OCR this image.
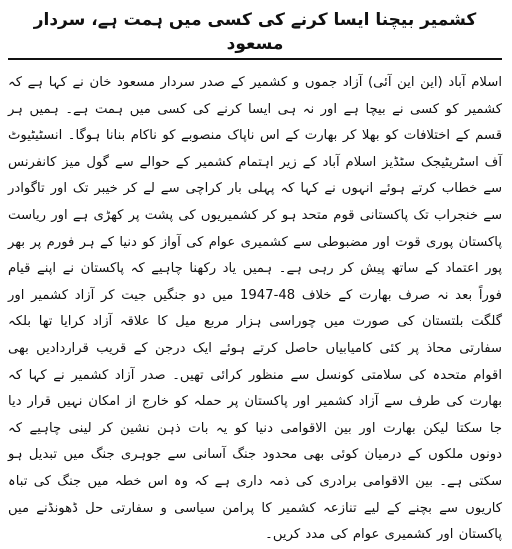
کشمیر بیچنا ایسا کرنے کی کسی میں ہمت ہے، سردار مسعود

اسلام آباد (این این آئی) آزاد جموں و کشمیر کے صدر سردار مسعود خان نے کہا ہے کہ کشمیر کو کسی نے بیچا ہے اور نہ ہی ایسا کرنے کی کسی میں ہمت ہے۔ ہمیں ہر قسم کے اختلافات کو بھلا کر بھارت کے اس ناپاک منصوبے کو ناکام بنانا ہوگا۔ انسٹیٹیوٹ آف اسٹریٹیجک سٹڈیز اسلام آباد کے زیر اہتمام کشمیر کے حوالے سے گول میز کانفرنس سے خطاب کرتے ہوئے انہوں نے کہا کہ پہلی بار کراچی سے لے کر خیبر تک اور تاگوادر سے خنجراب تک پاکستانی قوم متحد ہو کر کشمیریوں کی پشت پر کھڑی ہے اور ریاست پاکستان پوری قوت اور مضبوطی سے کشمیری عوام کی آواز کو دنیا کے ہر فورم پر بھر پور اعتماد کے ساتھ پیش کر رہی ہے۔ ہمیں یاد رکھنا چاہیے کہ پاکستان نے اپنے قیام فوراً بعد نہ صرف بھارت کے خلاف 48-1947 میں دو جنگیں جیت کر آزاد کشمیر اور گلگت بلتستان کی صورت میں چوراسی ہزار مربع میل کا علاقہ آزاد کرایا تھا بلکہ سفارتی محاذ پر کئی کامیابیاں حاصل کرتے ہوئے ایک درجن کے قریب قراردادیں بھی اقوام متحدہ کی سلامتی کونسل سے منظور کرائی تھیں۔ صدر آزاد کشمیر نے کہا کہ بھارت کی طرف سے آزاد کشمیر اور پاکستان پر حملہ کو خارج از امکان نہیں قرار دیا جا سکتا لیکن بھارت اور بین الاقوامی دنیا کو یہ بات ذہن نشین کر لینی چاہیے کہ دونوں ملکوں کے درمیان کوئی بھی محدود جنگ آسانی سے جوہری جنگ میں تبدیل ہو سکتی ہے۔ بین الاقوامی برادری کی ذمہ داری ہے کہ وہ اس خطہ میں جنگ کی تباہ کاریوں سے بچنے کے لیے تنازعہ کشمیر کا پرامن سیاسی و سفارتی حل ڈھونڈنے میں پاکستان اور کشمیری عوام کی مدد کریں۔
